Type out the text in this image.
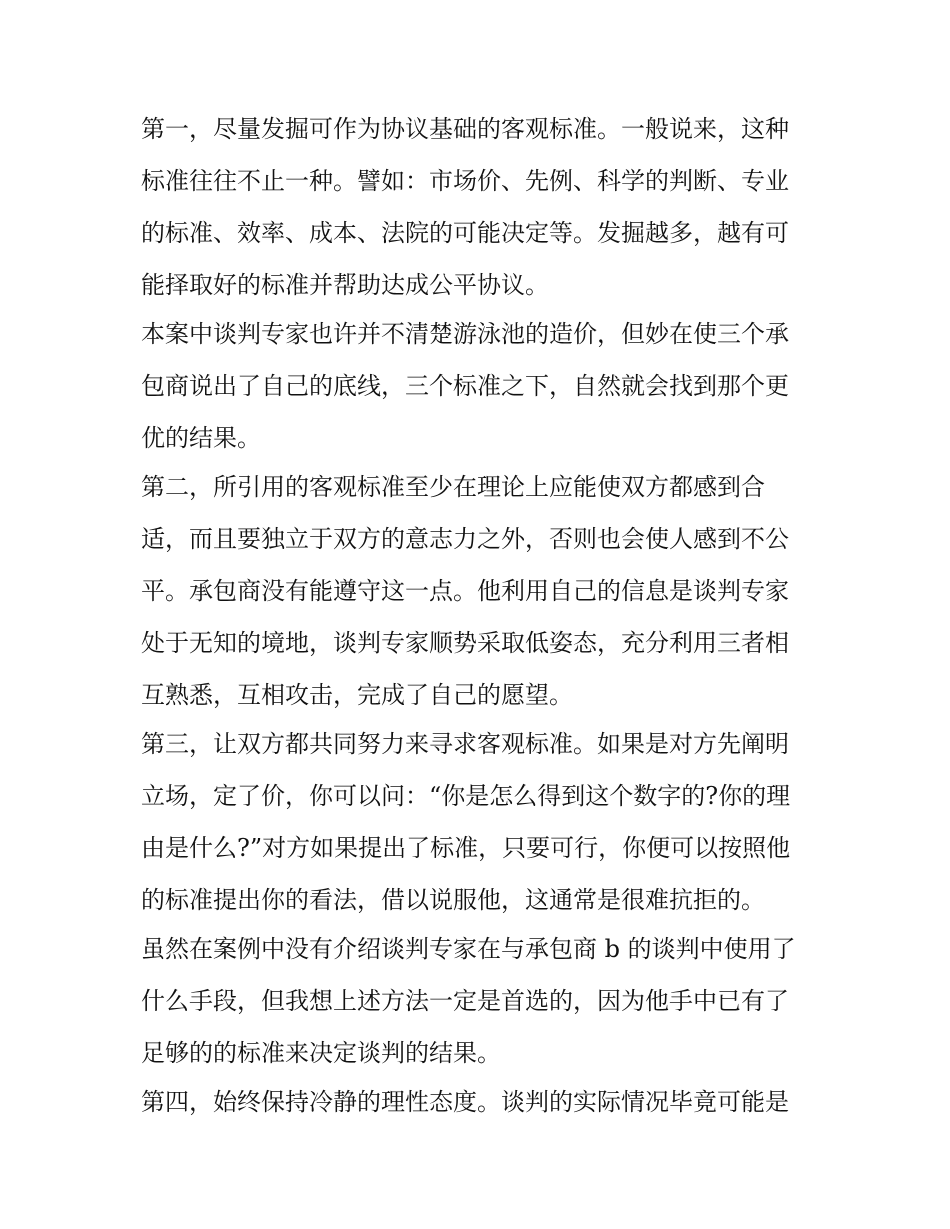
第一，尽量发掘可作为协议基础的客观标准。一般说来，这种
标准往往不止一种。譬如：市场价、先例、科学的判断、专业
的标准、效率、成本、法院的可能决定等。发掘越多，越有可
能择取好的标准并帮助达成公平协议。
本案中谈判专家也许并不清楚游泳池的造价，但妙在使三个承
包商说出了自己的底线，三个标准之下，自然就会找到那个更
优的结果。
第二，所引用的客观标准至少在理论上应能使双方都感到合
适，而且要独立于双方的意志力之外，否则也会使人感到不公
平。承包商没有能遵守这一点。他利用自己的信息是谈判专家
处于无知的境地，谈判专家顺势采取低姿态，充分利用三者相
互熟悉，互相攻击，完成了自己的愿望。
第三，让双方都共同努力来寻求客观标准。如果是对方先阐明
立场，定了价，你可以问：“你是怎么得到这个数字的?你的理
由是什么?”对方如果提出了标准，只要可行，你便可以按照他
的标准提出你的看法，借以说服他，这通常是很难抗拒的。
虽然在案例中没有介绍谈判专家在与承包商 b 的谈判中使用了
什么手段，但我想上述方法一定是首选的，因为他手中已有了
足够的的标准来决定谈判的结果。
第四，始终保持冷静的理性态度。谈判的实际情况毕竟可能是
